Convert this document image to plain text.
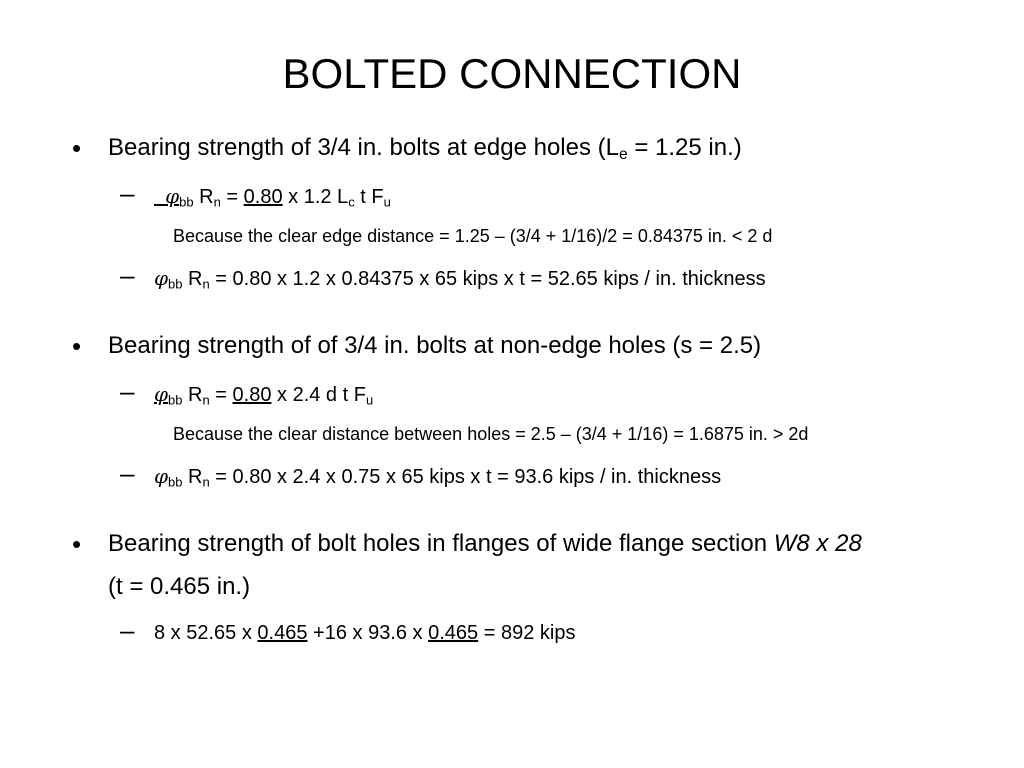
BOLTED CONNECTION
• Bearing strength of 3/4 in. bolts at edge holes ($L_e = 1.25$ in.)
–	$\varphi_{bb}$ $R_n = 0.80$ x 1.2 $L_c$ t $F_u$
Because the clear edge distance = 1.25 – (3/4 + 1/16)/2 = 0.84375 in. < 2 d
– $\varphi_{bb}$ $R_n = 0.80$ x 1.2 x 0.84375 x 65 kips x t = 52.65 kips / in. thickness
• Bearing strength of of 3/4 in. bolts at non-edge holes (s = 2.5)
– $\varphi_{bb}$ $R_n = 0.80$ x 2.4 d t $F_u$
Because the clear distance between holes = 2.5 – (3/4 + 1/16) = 1.6875 in. > 2d
– $\varphi_{bb}$ $R_n = 0.80$ x 2.4 x 0.75 x 65 kips x t = 93.6 kips / in. thickness
• Bearing strength of bolt holes in flanges of wide flange section W8 x 28
(t = 0.465 in.)
– 8 x 52.65 x 0.465 +16 x 93.6 x 0.465 = 892 kips
